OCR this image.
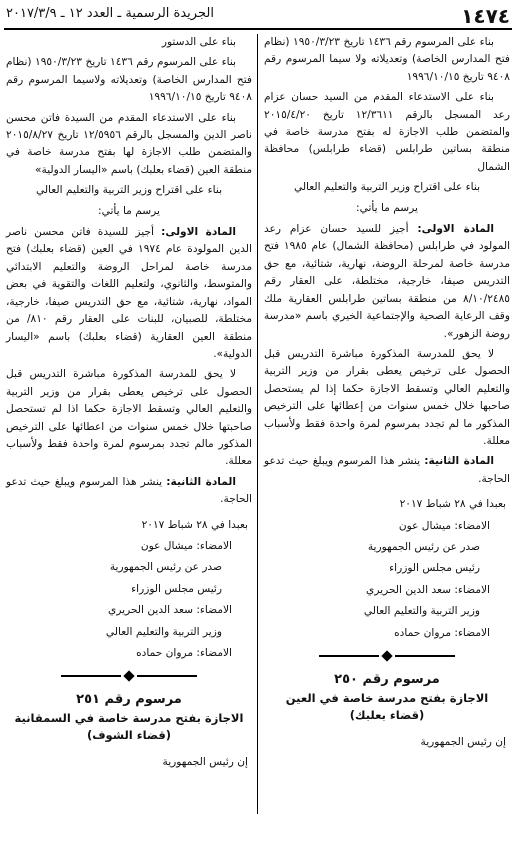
١٤٧٤
الجريدة الرسمية ـ العدد ١٢ ـ ٢٠١٧/٣/٩

بناء على المرسوم رقم ١٤٣٦ تاريخ ١٩٥٠/٣/٢٣ (نظام فتح المدارس الخاصة) وتعديلاته ولا سيما المرسوم رقم ٩٤٠٨ تاريخ ١٩٩٦/١٠/١٥

بناء على الاستدعاء المقدم من السيد حسان عزام رعد المسجل بالرقم ١٢/٣٦١١ تاريخ ٢٠١٥/٤/٢٠ والمتضمن طلب الاجازة له بفتح مدرسة خاصة في منطقة بساتين طرابلس (قضاء طرابلس) محافظة الشمال

بناء على اقتراح وزير التربية والتعليم العالي

يرسم ما يأتي:

المادة الاولى: أجيز للسيد حسان عزام رعد المولود في طرابلس (محافظة الشمال) عام ١٩٨٥ فتح مدرسة خاصة لمرحلة الروضة، نهارية، شتائية، مع حق التدريس صيفا، خارجية، مختلطة، على العقار رقم ٨/١٠/٢٤٨٥ من منطقة بساتين طرابلس العقارية ملك وقف الرعاية الصحية والإجتماعية الخيري باسم «مدرسة روضة الزهور».

لا يحق للمدرسة المذكورة مباشرة التدريس قبل الحصول على ترخيص يعطى بقرار من وزير التربية والتعليم العالي وتسقط الاجازة حكما إذا لم يستحصل صاحبها خلال خمس سنوات من إعطائها على الترخيص المذكور ما لم تجدد بمرسوم لمرة واحدة فقط ولأسباب معللة.

المادة الثانية: ينشر هذا المرسوم ويبلغ حيث تدعو الحاجة.

بعبدا في ٢٨ شباط ٢٠١٧

الامضاء: ميشال عون

صدر عن رئيس الجمهورية

رئيس مجلس الوزراء

الامضاء: سعد الدين الحريري

وزير التربية والتعليم العالي

الامضاء: مروان حماده

مرسوم رقم ٢٥٠

الاجازة بفتح مدرسة خاصة في العين

(قضاء بعلبك)

إن رئيس الجمهورية

بناء على الدستور

بناء على المرسوم رقم ١٤٣٦ تاريخ ١٩٥٠/٣/٢٣ (نظام فتح المدارس الخاصة) وتعديلاته ولاسيما المرسوم رقم ٩٤٠٨ تاريخ ١٩٩٦/١٠/١٥

بناء على الاستدعاء المقدم من السيدة فاتن محسن ناصر الدين والمسجل بالرقم ١٢/٥٩٥٦ تاريخ ٢٠١٥/٨/٢٧ والمتضمن طلب الاجازة لها بفتح مدرسة خاصة في منطقة العين (قضاء بعلبك) باسم «اليسار الدولية»

بناء على اقتراح وزير التربية والتعليم العالي

يرسم ما يأتي:

المادة الاولى: أجيز للسيدة فاتن محسن ناصر الدين المولودة عام ١٩٧٤ في العين (قضاء بعلبك) فتح مدرسة خاصة لمراحل الروضة والتعليم الابتدائي والمتوسط، والثانوي، ولتعليم اللغات والتقوية في بعض المواد، نهارية، شتائية، مع حق التدريس صيفا، خارجية، مختلطة، للصبيان، للبنات على العقار رقم ٨١٠/ من منطقة العين العقارية (قضاء بعلبك) باسم «اليسار الدولية».

لا يحق للمدرسة المذكورة مباشرة التدريس قبل الحصول على ترخيص يعطى بقرار من وزير التربية والتعليم العالي وتسقط الاجازة حكما اذا لم تستحصل صاحبتها خلال خمس سنوات من اعطائها على الترخيص المذكور مالم تجدد بمرسوم لمرة واحدة فقط ولأسباب معللة.

المادة الثانية: ينشر هذا المرسوم ويبلغ حيث تدعو الحاجة.

بعبدا في ٢٨ شباط ٢٠١٧

الامضاء: ميشال عون

صدر عن رئيس الجمهورية

رئيس مجلس الوزراء

الامضاء: سعد الدين الحريري

وزير التربية والتعليم العالي

الامضاء: مروان حماده

مرسوم رقم ٢٥١

الاجازة بفتح مدرسة خاصة في السمقانية

(قضاء الشوف)

إن رئيس الجمهورية
